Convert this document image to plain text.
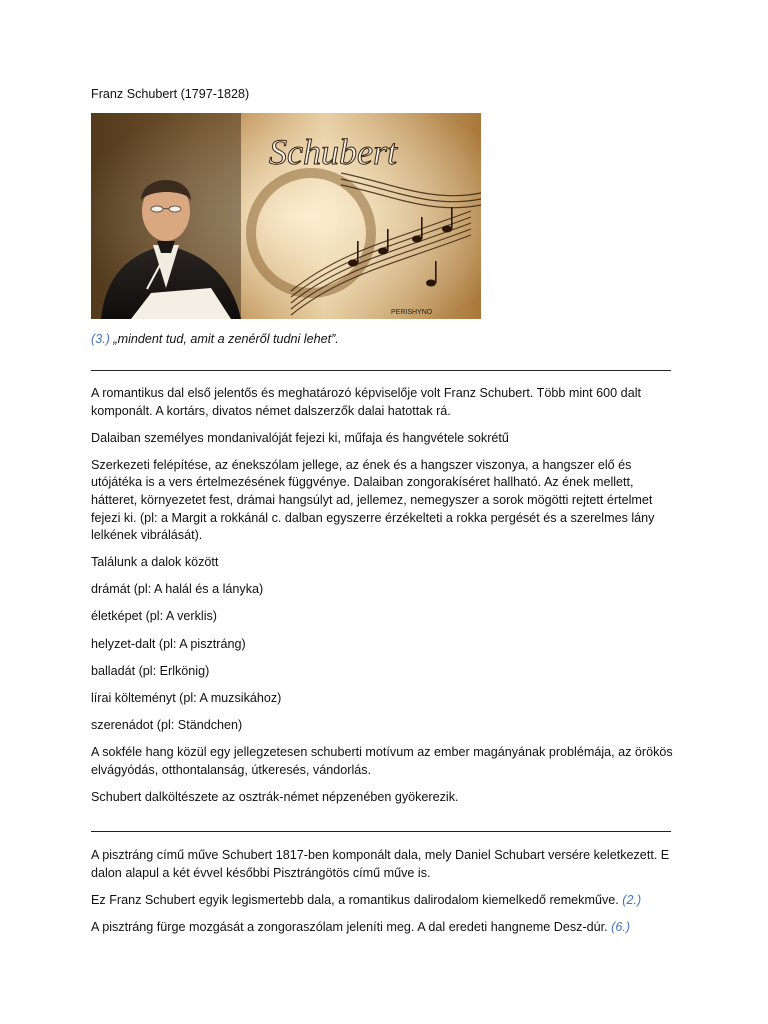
Franz Schubert (1797-1828)

Schubert
PERISHYNO

(3.) „mindent tud, amit a zenéről tudni lehet”.

A romantikus dal első jelentős és meghatározó képviselője volt Franz Schubert. Több mint 600 dalt komponált. A kortárs, divatos német dalszerzők dalai hatottak rá.

Dalaiban személyes mondanivalóját fejezi ki, műfaja és hangvétele sokrétű

Szerkezeti felépítése, az énekszólam jellege, az ének és a hangszer viszonya, a hangszer elő és utójátéka is a vers értelmezésének függvénye. Dalaiban zongorakíséret hallható. Az ének mellett, hátteret, környezetet fest, drámai hangsúlyt ad, jellemez, nemegyszer a sorok mögötti rejtett értelmet fejezi ki. (pl: a Margit a rokkánál c. dalban egyszerre érzékelteti a rokka pergését és a szerelmes lány lelkének vibrálását).

Találunk a dalok között

drámát (pl: A halál és a lányka)

életképet (pl: A verklis)

helyzet-dalt (pl: A pisztráng)

balladát (pl: Erlkönig)

lírai költeményt (pl: A muzsikához)

szerenádot (pl: Ständchen)

A sokféle hang közül egy jellegzetesen schuberti motívum az ember magányának problémája, az örökös elvágyódás, otthontalanság, útkeresés, vándorlás.

Schubert dalköltészete az osztrák-német népzenében gyökerezik.

A pisztráng című műve Schubert 1817-ben komponált dala, mely Daniel Schubart versére keletkezett. E dalon alapul a két évvel későbbi Pisztrángötös című műve is.

Ez Franz Schubert egyik legismertebb dala, a romantikus dalirodalom kiemelkedő remekműve. (2.)

A pisztráng fürge mozgását a zongoraszólam jeleníti meg. A dal eredeti hangneme Desz-dúr. (6.)
